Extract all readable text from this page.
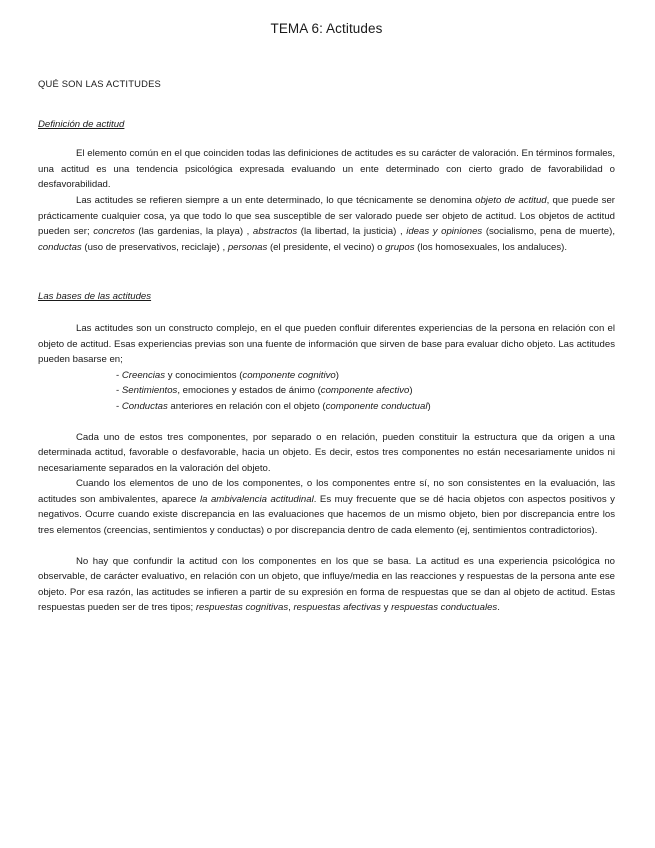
TEMA 6: Actitudes
QUÉ SON LAS ACTITUDES
Definición de actitud

El elemento común en el que coinciden todas las definiciones de actitudes es su carácter de valoración. En términos formales, una actitud es una tendencia psicológica expresada evaluando un ente determinado con cierto grado de favorabilidad o desfavorabilidad.

Las actitudes se refieren siempre a un ente determinado, lo que técnicamente se denomina objeto de actitud, que puede ser prácticamente cualquier cosa, ya que todo lo que sea susceptible de ser valorado puede ser objeto de actitud. Los objetos de actitud pueden ser; concretos (las gardenias, la playa) , abstractos (la libertad, la justicia) , ideas y opiniones (socialismo, pena de muerte), conductas (uso de preservativos, reciclaje) , personas (el presidente, el vecino) o grupos (los homosexuales, los andaluces).

Las bases de las actitudes

Las actitudes son un constructo complejo, en el que pueden confluir diferentes experiencias de la persona en relación con el objeto de actitud. Esas experiencias previas son una fuente de información que sirven de base para evaluar dicho objeto. Las actitudes pueden basarse en;

- Creencias y conocimientos (componente cognitivo)
- Sentimientos, emociones y estados de ánimo (componente afectivo)
- Conductas anteriores en relación con el objeto (componente conductual)

Cada uno de estos tres componentes, por separado o en relación, pueden constituir la estructura que da origen a una determinada actitud, favorable o desfavorable, hacia un objeto. Es decir, estos tres componentes no están necesariamente unidos ni necesariamente separados en la valoración del objeto.

Cuando los elementos de uno de los componentes, o los componentes entre sí, no son consistentes en la evaluación, las actitudes son ambivalentes, aparece la ambivalencia actitudinal. Es muy frecuente que se dé hacia objetos con aspectos positivos y negativos. Ocurre cuando existe discrepancia en las evaluaciones que hacemos de un mismo objeto, bien por discrepancia entre los tres elementos (creencias, sentimientos y conductas) o por discrepancia dentro de cada elemento (ej, sentimientos contradictorios).

No hay que confundir la actitud con los componentes en los que se basa. La actitud es una experiencia psicológica no observable, de carácter evaluativo, en relación con un objeto, que influye/media en las reacciones y respuestas de la persona ante ese objeto. Por esa razón, las actitudes se infieren a partir de su expresión en forma de respuestas que se dan al objeto de actitud. Estas respuestas pueden ser de tres tipos; respuestas cognitivas, respuestas afectivas y respuestas conductuales.
